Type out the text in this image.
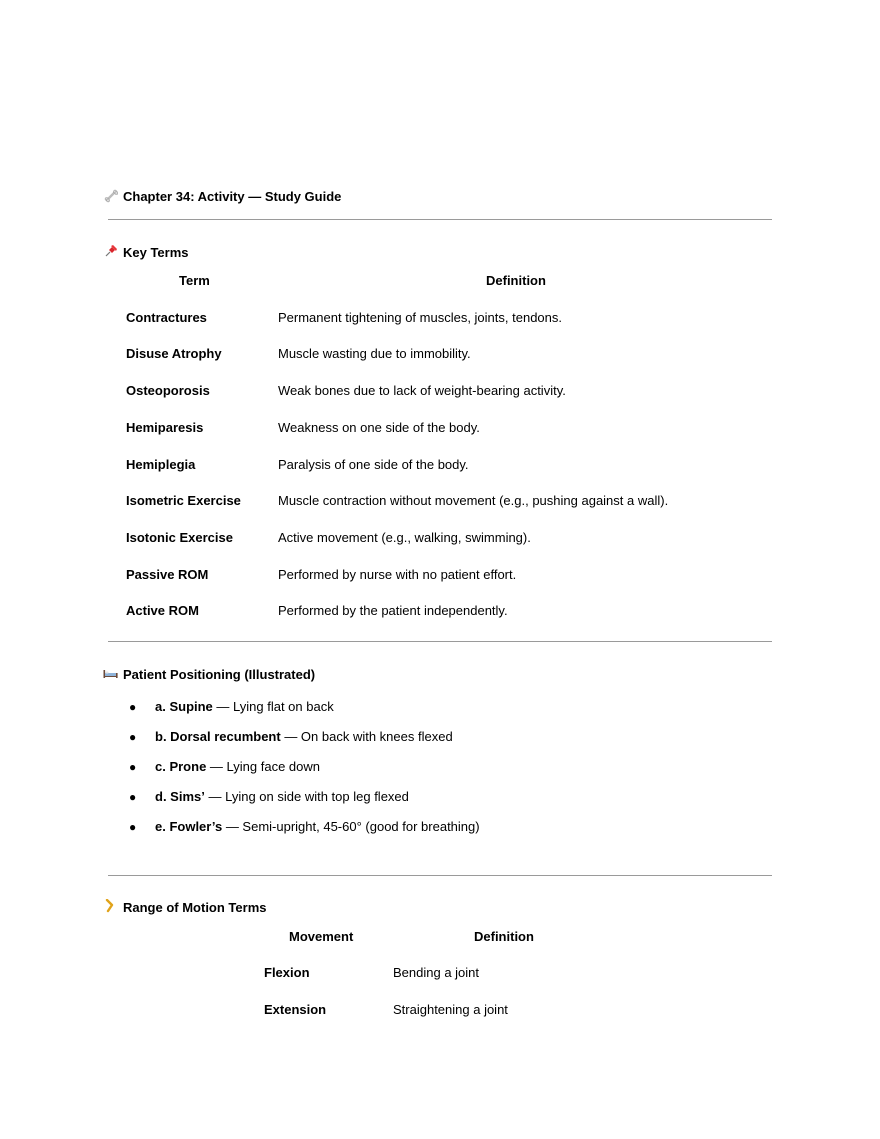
Chapter 34: Activity — Study Guide
Key Terms
Term	Definition
Contractures	Permanent tightening of muscles, joints, tendons.
Disuse Atrophy	Muscle wasting due to immobility.
Osteoporosis	Weak bones due to lack of weight-bearing activity.
Hemiparesis	Weakness on one side of the body.
Hemiplegia	Paralysis of one side of the body.
Isometric Exercise	Muscle contraction without movement (e.g., pushing against a wall).
Isotonic Exercise	Active movement (e.g., walking, swimming).
Passive ROM	Performed by nurse with no patient effort.
Active ROM	Performed by the patient independently.
Patient Positioning (Illustrated)
● a. Supine — Lying flat on back
● b. Dorsal recumbent — On back with knees flexed
● c. Prone — Lying face down
● d. Sims’ — Lying on side with top leg flexed
● e. Fowler’s — Semi-upright, 45-60° (good for breathing)
Range of Motion Terms
Movement	Definition
Flexion	Bending a joint
Extension	Straightening a joint
